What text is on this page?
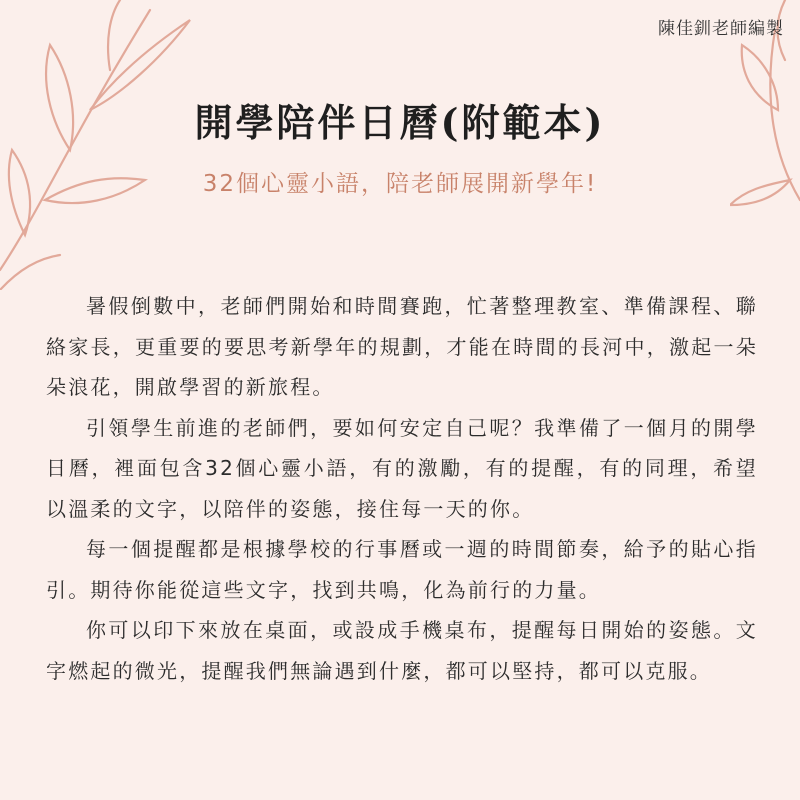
陳佳釧老師編製
開學陪伴日曆(附範本)
32個心靈小語，陪老師展開新學年!

暑假倒數中，老師們開始和時間賽跑，忙著整理教室、準備課程、聯絡家長，更重要的要思考新學年的規劃，才能在時間的長河中，激起一朵朵浪花，開啟學習的新旅程。

引領學生前進的老師們，要如何安定自己呢？我準備了一個月的開學日曆，裡面包含32個心靈小語，有的激勵，有的提醒，有的同理，希望以溫柔的文字，以陪伴的姿態，接住每一天的你。

每一個提醒都是根據學校的行事曆或一週的時間節奏，給予的貼心指引。期待你能從這些文字，找到共鳴，化為前行的力量。

你可以印下來放在桌面，或設成手機桌布，提醒每日開始的姿態。文字燃起的微光，提醒我們無論遇到什麼，都可以堅持，都可以克服。
